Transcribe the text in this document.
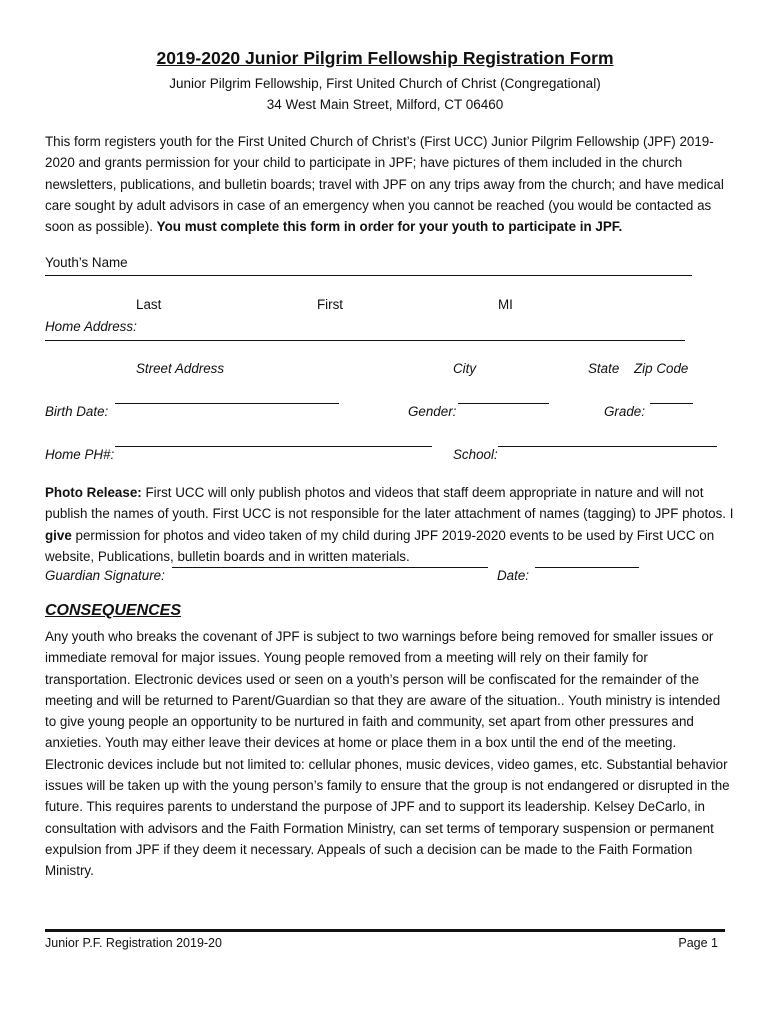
2019-2020 Junior Pilgrim Fellowship Registration Form
Junior Pilgrim Fellowship, First United Church of Christ (Congregational)
34 West Main Street, Milford, CT 06460
This form registers youth for the First United Church of Christ’s (First UCC) Junior Pilgrim Fellowship (JPF) 2019-2020 and grants permission for your child to participate in JPF; have pictures of them included in the church newsletters, publications, and bulletin boards; travel with JPF on any trips away from the church; and have medical care sought by adult advisors in case of an emergency when you cannot be reached (you would be contacted as soon as possible). You must complete this form in order for your youth to participate in JPF.
Youth’s Name
Last	First	MI
Home Address:
Street Address	City	State Zip Code
Birth Date:	Gender:	Grade:
Home PH#:	School:
Photo Release: First UCC will only publish photos and videos that staff deem appropriate in nature and will not publish the names of youth. First UCC is not responsible for the later attachment of names (tagging) to JPF photos. I give permission for photos and video taken of my child during JPF 2019-2020 events to be used by First UCC on website, Publications, bulletin boards and in written materials.
Guardian Signature:	Date:
CONSEQUENCES
Any youth who breaks the covenant of JPF is subject to two warnings before being removed for smaller issues or immediate removal for major issues. Young people removed from a meeting will rely on their family for transportation. Electronic devices used or seen on a youth’s person will be confiscated for the remainder of the meeting and will be returned to Parent/Guardian so that they are aware of the situation.. Youth ministry is intended to give young people an opportunity to be nurtured in faith and community, set apart from other pressures and anxieties. Youth may either leave their devices at home or place them in a box until the end of the meeting. Electronic devices include but not limited to: cellular phones, music devices, video games, etc. Substantial behavior issues will be taken up with the young person’s family to ensure that the group is not endangered or disrupted in the future. This requires parents to understand the purpose of JPF and to support its leadership. Kelsey DeCarlo, in consultation with advisors and the Faith Formation Ministry, can set terms of temporary suspension or permanent expulsion from JPF if they deem it necessary. Appeals of such a decision can be made to the Faith Formation Ministry.
Junior P.F. Registration 2019-20	Page 1
